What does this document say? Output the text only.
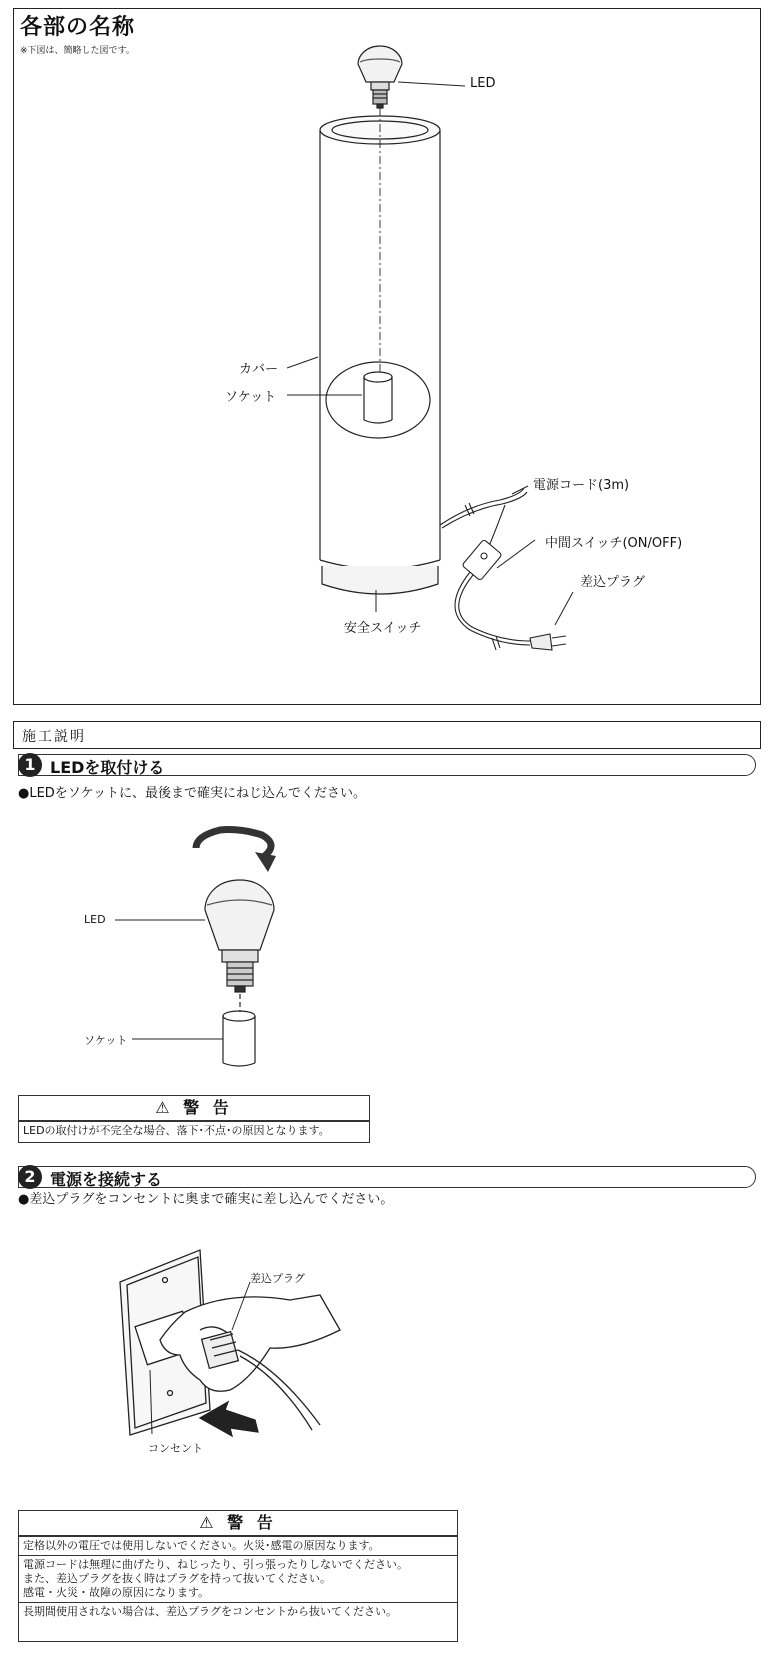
各部の名称
※下図は、簡略した図です。
LED
カバー
ソケット
電源コード(3m)
中間スイッチ(ON/OFF)
差込プラグ
安全スイッチ
施工説明
1 LEDを取付ける
●LEDをソケットに、最後まで確実にねじ込んでください。
LED
ソケット
⚠ 警 告
LEDの取付けが不完全な場合、落下･不点･の原因となります。
2 電源を接続する
●差込プラグをコンセントに奥まで確実に差し込んでください。
差込プラグ
コンセント
⚠ 警 告
定格以外の電圧では使用しないでください。火災･感電の原因なります。
電源コードは無理に曲げたり、ねじったり、引っ張ったりしないでください。
また、差込プラグを抜く時はプラグを持って抜いてください。
感電・火災・故障の原因になります。
長期間使用されない場合は、差込プラグをコンセントから抜いてください。
